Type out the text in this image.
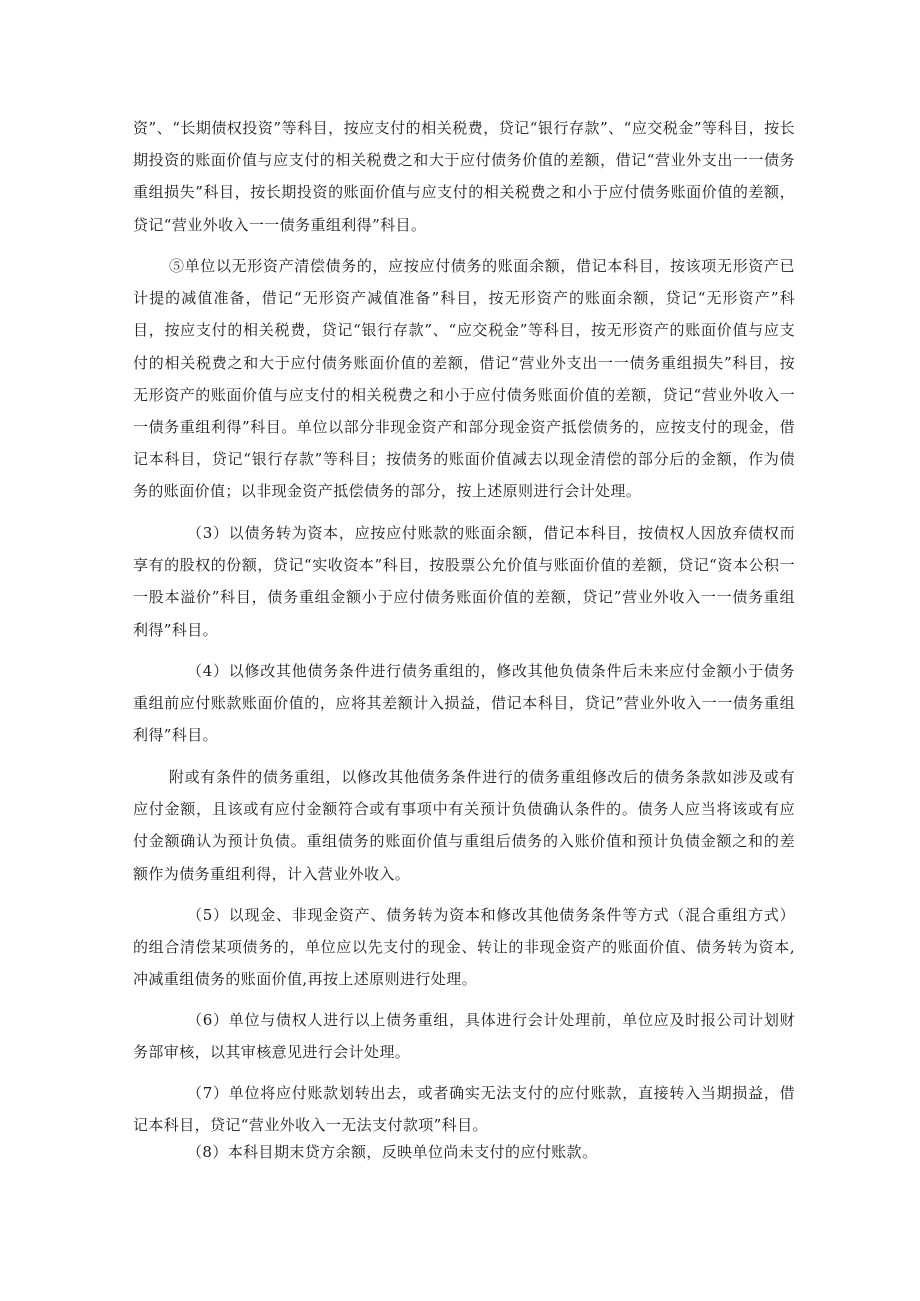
资”、“长期债权投资”等科目，按应支付的相关税费，贷记“银行存款”、“应交税金”等科目，按长期投资的账面价值与应支付的相关税费之和大于应付债务价值的差额，借记“营业外支出一一债务重组损失”科目，按长期投资的账面价值与应支付的相关税费之和小于应付债务账面价值的差额，贷记“营业外收入一一债务重组利得”科目。

⑤单位以无形资产清偿债务的，应按应付债务的账面余额，借记本科目，按该项无形资产已计提的减值准备，借记“无形资产减值准备”科目，按无形资产的账面余额，贷记“无形资产”科目，按应支付的相关税费，贷记“银行存款”、“应交税金”等科目，按无形资产的账面价值与应支付的相关税费之和大于应付债务账面价值的差额，借记“营业外支出一一债务重组损失”科目，按无形资产的账面价值与应支付的相关税费之和小于应付债务账面价值的差额，贷记“营业外收入一一债务重组利得”科目。单位以部分非现金资产和部分现金资产抵偿债务的，应按支付的现金，借记本科目，贷记“银行存款”等科目；按债务的账面价值减去以现金清偿的部分后的金额，作为债务的账面价值；以非现金资产抵偿债务的部分，按上述原则进行会计处理。

（3）以债务转为资本，应按应付账款的账面余额，借记本科目，按债权人因放弃债权而享有的股权的份额，贷记“实收资本”科目，按股票公允价值与账面价值的差额，贷记“资本公积一一股本溢价”科目，债务重组金额小于应付债务账面价值的差额，贷记”营业外收入一一债务重组利得”科目。

（4）以修改其他债务条件进行债务重组的，修改其他负债条件后未来应付金额小于债务重组前应付账款账面价值的，应将其差额计入损益，借记本科目，贷记”营业外收入一一债务重组利得”科目。

附或有条件的债务重组，以修改其他债务条件进行的债务重组修改后的债务条款如涉及或有应付金额，且该或有应付金额符合或有事项中有关预计负债确认条件的。债务人应当将该或有应付金额确认为预计负债。重组债务的账面价值与重组后债务的入账价值和预计负债金额之和的差额作为债务重组利得，计入营业外收入。

（5）以现金、非现金资产、债务转为资本和修改其他债务条件等方式（混合重组方式）的组合清偿某项债务的，单位应以先支付的现金、转让的非现金资产的账面价值、债务转为资本,冲减重组债务的账面价值,再按上述原则进行处理。

（6）单位与债权人进行以上债务重组，具体进行会计处理前，单位应及时报公司计划财务部审核，以其审核意见进行会计处理。

（7）单位将应付账款划转出去，或者确实无法支付的应付账款，直接转入当期损益，借记本科目，贷记“营业外收入一无法支付款项”科目。

（8）本科目期末贷方余额，反映单位尚未支付的应付账款。
